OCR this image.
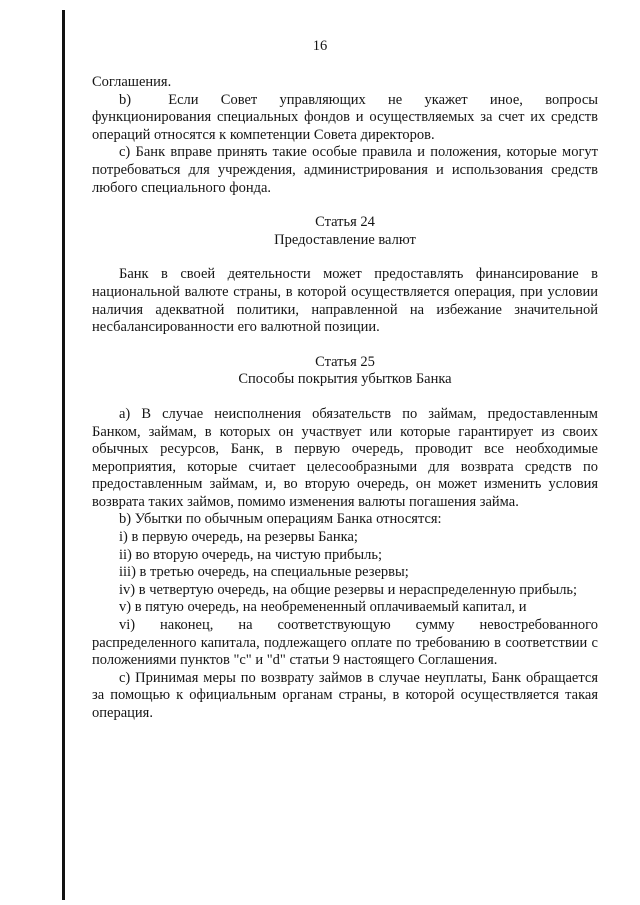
16

Соглашения.

b)     Если   Совет   управляющих   не   укажет   иное,   вопросы функционирования специальных фондов и осуществляемых за счет их средств операций относятся к компетенции Совета директоров.

c) Банк вправе принять такие особые правила и положения, которые могут потребоваться для учреждения, администрирования и использования средств любого специального фонда.

Статья 24

Предоставление валют

Банк в своей деятельности может предоставлять финансирование в национальной валюте страны, в которой осуществляется операция, при условии наличия адекватной политики, направленной на избежание значительной несбалансированности его валютной позиции.

Статья 25

Способы покрытия убытков Банка

а) В случае неисполнения обязательств по займам, предоставленным Банком, займам, в которых он участвует или которые гарантирует из своих обычных ресурсов, Банк, в первую очередь, проводит все необходимые мероприятия, которые считает целесообразными для возврата средств по предоставленным займам, и, во вторую очередь, он может изменить условия возврата таких займов, помимо изменения валюты погашения займа.

b) Убытки по обычным операциям Банка относятся:

i) в первую очередь, на резервы Банка;

ii) во вторую очередь, на чистую прибыль;

iii) в третью очередь, на специальные резервы;

iv) в четвертую очередь, на общие резервы и нераспределенную прибыль;

v) в пятую очередь, на необремененный оплачиваемый капитал, и

vi)    наконец,    на    соответствующую    сумму    невостребованного распределенного капитала, подлежащего оплате по требованию в соответствии с положениями пунктов "c" и "d" статьи 9 настоящего Соглашения.

c) Принимая меры по возврату займов в случае неуплаты, Банк обращается за помощью к официальным органам страны, в которой осуществляется такая операция.
